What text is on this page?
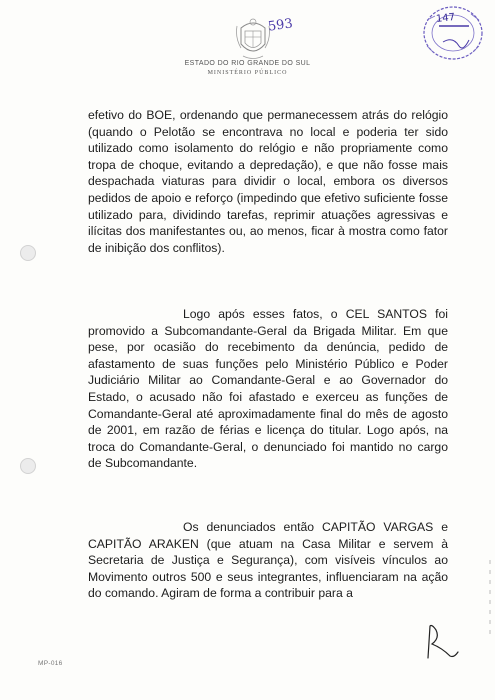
593
ESTADO DO RIO GRANDE DO SUL
MINISTÉRIO PÚBLICO
147

efetivo do BOE, ordenando que permanecessem atrás do relógio (quando o Pelotão se encontrava no local e poderia ter sido utilizado como isolamento do relógio e não propriamente como tropa de choque, evitando a depredação), e que não fosse mais despachada viaturas para dividir o local, embora os diversos pedidos de apoio e reforço (impedindo que efetivo suficiente fosse utilizado para, dividindo tarefas, reprimir atuações agressivas e ilícitas dos manifestantes ou, ao menos, ficar à mostra como fator de inibição dos conflitos).

Logo após esses fatos, o CEL SANTOS foi promovido a Subcomandante-Geral da Brigada Militar. Em que pese, por ocasião do recebimento da denúncia, pedido de afastamento de suas funções pelo Ministério Público e Poder Judiciário Militar ao Comandante-Geral e ao Governador do Estado, o acusado não foi afastado e exerceu as funções de Comandante-Geral até aproximadamente final do mês de agosto de 2001, em razão de férias e licença do titular. Logo após, na troca do Comandante-Geral, o denunciado foi mantido no cargo de Subcomandante.

Os denunciados então CAPITÃO VARGAS e CAPITÃO ARAKEN (que atuam na Casa Militar e servem à Secretaria de Justiça e Segurança), com visíveis vínculos ao Movimento outros 500 e seus integrantes, influenciaram na ação do comando. Agiram de forma a contribuir para a

MP-016
